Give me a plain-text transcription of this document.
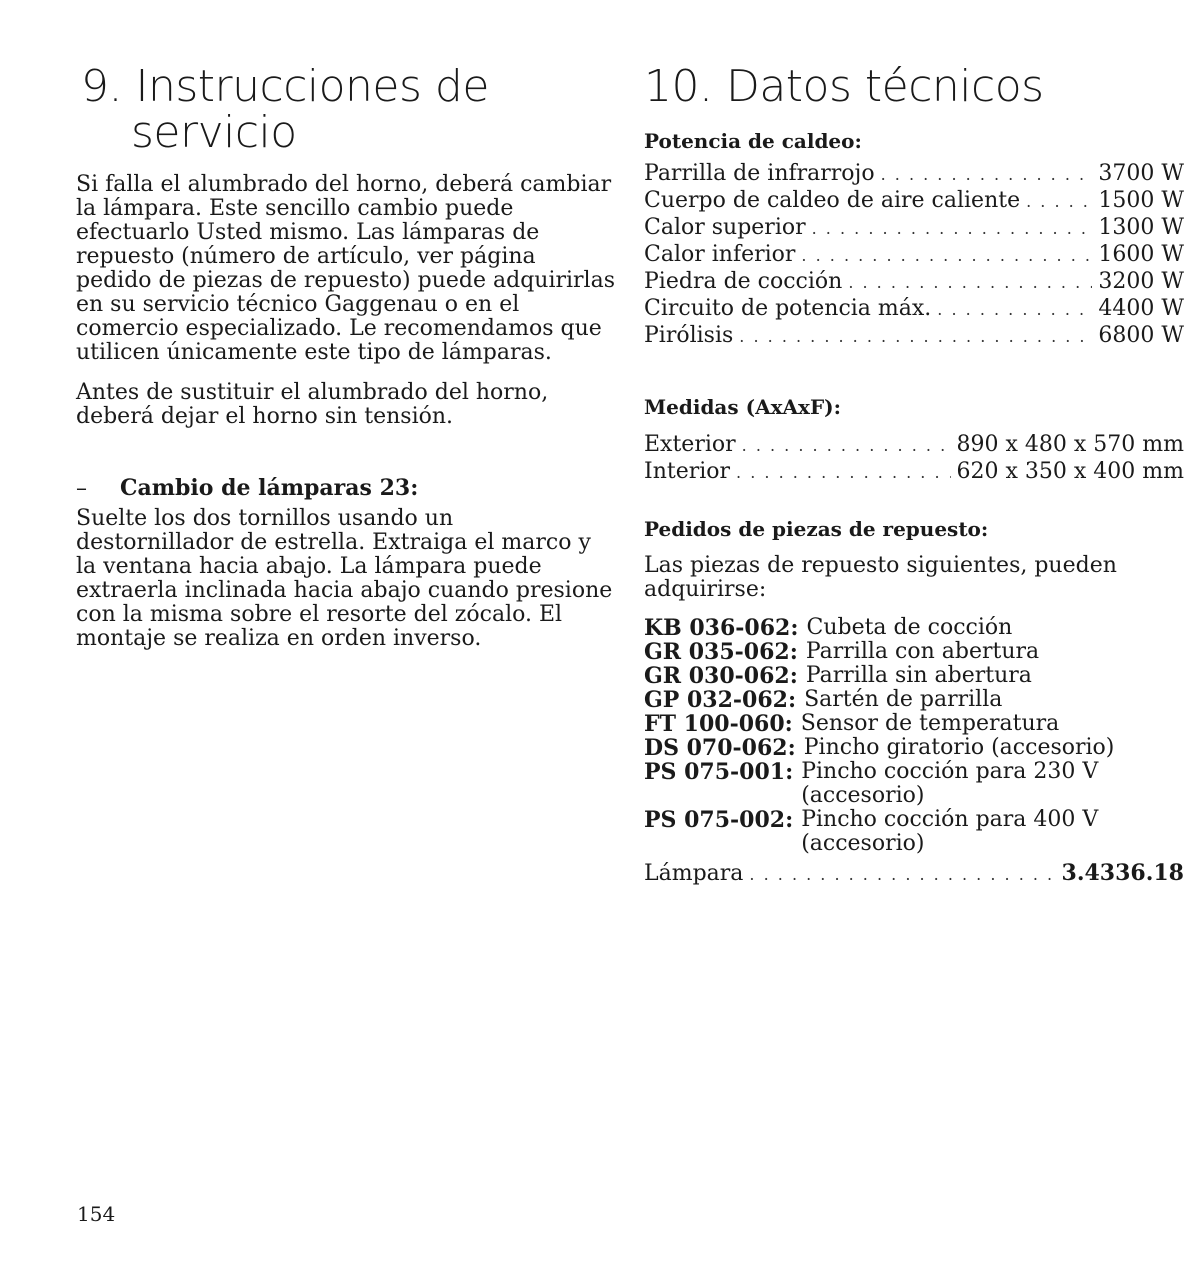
9. Instrucciones de
servicio

Si falla el alumbrado del horno, deberá cambiar la lámpara. Este sencillo cambio puede efectuarlo Usted mismo. Las lámparas de repuesto (número de artículo, ver página pedido de piezas de repuesto) puede adquirirlas en su servicio técnico Gaggenau o en el comercio especializado. Le recomendamos que utilicen únicamente este tipo de lámparas.

Antes de sustituir el alumbrado del horno, deberá dejar el horno sin tensión.

– Cambio de lámparas 23:

Suelte los dos tornillos usando un destornillador de estrella. Extraiga el marco y la ventana hacia abajo. La lámpara puede extraerla inclinada hacia abajo cuando presione con la misma sobre el resorte del zócalo. El montaje se realiza en orden inverso.

10. Datos técnicos
Potencia de caldeo:
Parrilla de infrarrojo . . .	3700 W
Cuerpo de caldeo de aire caliente . . .	1500 W
Calor superior . . .	1300 W
Calor inferior . . .	1600 W
Piedra de cocción . . .	3200 W
Circuito de potencia máx. . . .	4400 W
Pirólisis . . .	6800 W
Medidas (AxAxF):
Exterior . . .	890 x 480 x 570 mm
Interior . . .	620 x 350 x 400 mm
Pedidos de piezas de repuesto:

Las piezas de repuesto siguientes, pueden adquirirse:

KB 036-062: Cubeta de cocción
GR 035-062: Parrilla con abertura
GR 030-062: Parrilla sin abertura
GP 032-062: Sartén de parrilla
FT 100-060: Sensor de temperatura
DS 070-062: Pincho giratorio (accesorio)
PS 075-001: Pincho cocción para 230 V
(accesorio)
PS 075-002: Pincho cocción para 400 V
(accesorio)
Lámpara . . .	3.4336.18
154
